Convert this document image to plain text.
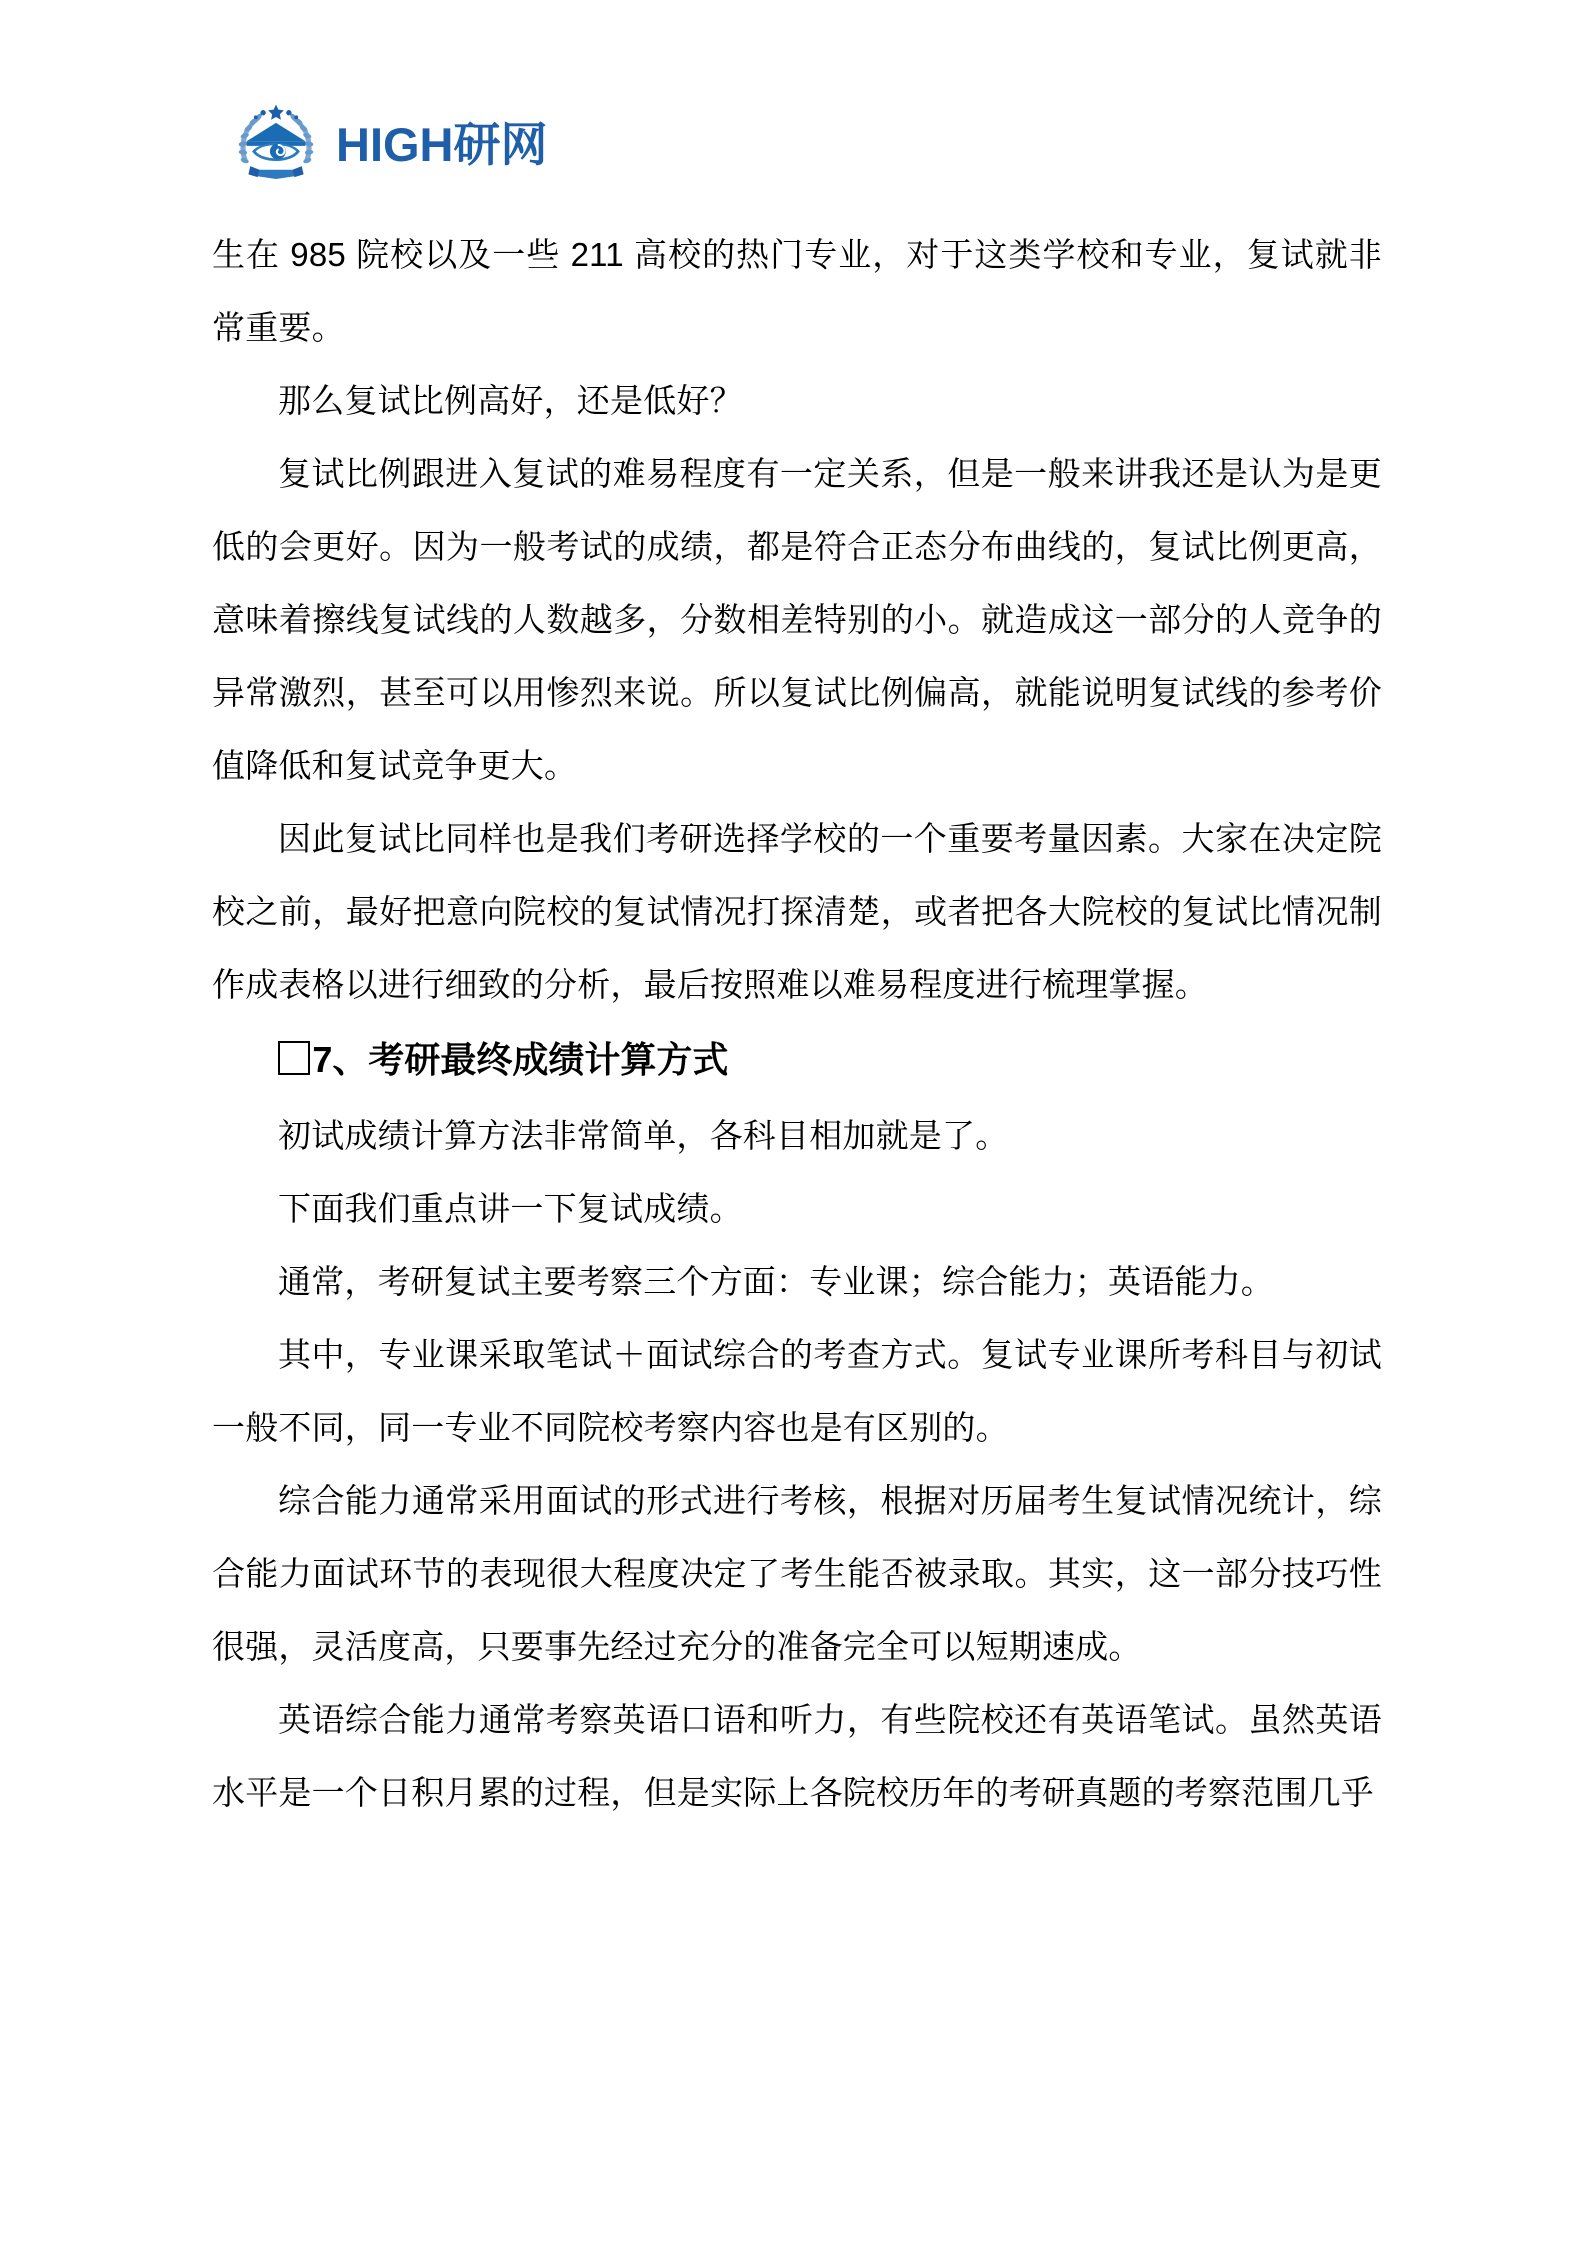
HIGH研网

生在 985 院校以及一些 211 高校的热门专业，对于这类学校和专业，复试就非常重要。

那么复试比例高好，还是低好？

复试比例跟进入复试的难易程度有一定关系，但是一般来讲我还是认为是更低的会更好。因为一般考试的成绩，都是符合正态分布曲线的，复试比例更高，意味着擦线复试线的人数越多，分数相差特别的小。就造成这一部分的人竞争的异常激烈，甚至可以用惨烈来说。所以复试比例偏高，就能说明复试线的参考价值降低和复试竞争更大。

因此复试比同样也是我们考研选择学校的一个重要考量因素。大家在决定院校之前，最好把意向院校的复试情况打探清楚，或者把各大院校的复试比情况制作成表格以进行细致的分析，最后按照难以难易程度进行梳理掌握。

7、考研最终成绩计算方式

初试成绩计算方法非常简单，各科目相加就是了。

下面我们重点讲一下复试成绩。

通常，考研复试主要考察三个方面：专业课；综合能力；英语能力。

其中，专业课采取笔试＋面试综合的考查方式。复试专业课所考科目与初试一般不同，同一专业不同院校考察内容也是有区别的。

综合能力通常采用面试的形式进行考核，根据对历届考生复试情况统计，综合能力面试环节的表现很大程度决定了考生能否被录取。其实，这一部分技巧性很强，灵活度高，只要事先经过充分的准备完全可以短期速成。

英语综合能力通常考察英语口语和听力，有些院校还有英语笔试。虽然英语水平是一个日积月累的过程，但是实际上各院校历年的考研真题的考察范围几乎
